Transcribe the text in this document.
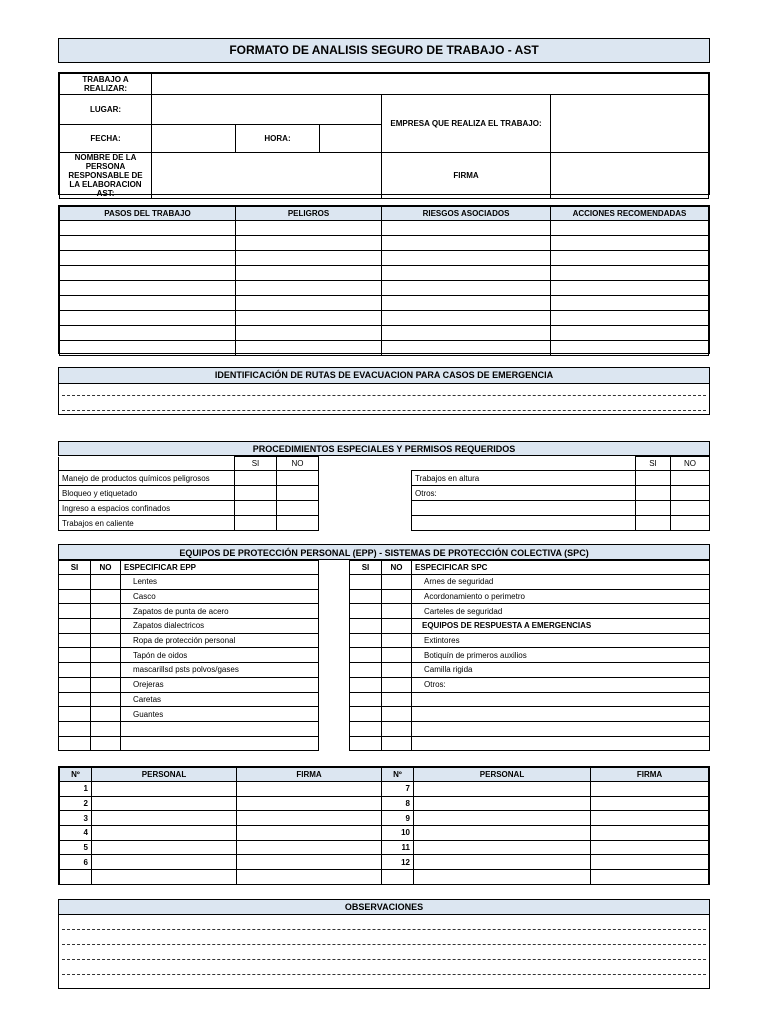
FORMATO DE ANALISIS SEGURO DE TRABAJO - AST
TRABAJO A REALIZAR:					
LUGAR:				EMPRESA QUE REALIZA EL TRABAJO:	
FECHA:		HORA:			
NOMBRE DE LA PERSONA RESPONSABLE DE LA ELABORACION AST:				FIRMA	
PASOS DEL TRABAJO	PELIGROS	RIESGOS ASOCIADOS	ACCIONES RECOMENDADAS

IDENTIFICACIÓN DE RUTAS DE EVACUACION PARA CASOS DE EMERGENCIA
PROCEDIMIENTOS ESPECIALES Y PERMISOS REQUERIDOS
	SI	NO
Manejo de productos químicos peligrosos		
Bloqueo y etiquetado		
Ingreso a espacios confinados		
Trabajos en caliente		
	SI	NO
Trabajos en altura		
Otros:		

EQUIPOS DE PROTECCIÓN PERSONAL (EPP) - SISTEMAS DE PROTECCIÓN COLECTIVA (SPC)
SI	NO	ESPECIFICAR EPP
		Lentes
		Casco
		Zapatos de punta de acero
		Zapatos dialectricos
		Ropa de protección personal
		Tapón de oidos
		mascarillsd psts polvos/gases
		Orejeras
		Caretas
		Guantes

SI	NO	ESPECIFICAR SPC
		Arnes de seguridad
		Acordonamiento o perimetro
		Carteles de seguridad
		EQUIPOS DE RESPUESTA A EMERGENCIAS
		Extintores
		Botiquín de primeros auxilios
		Camilla rigida
		Otros:

Nº	PERSONAL	FIRMA	Nº	PERSONAL	FIRMA
1			7		
2			8		
3			9		
4			10		
5			11		
6			12		

OBSERVACIONES
